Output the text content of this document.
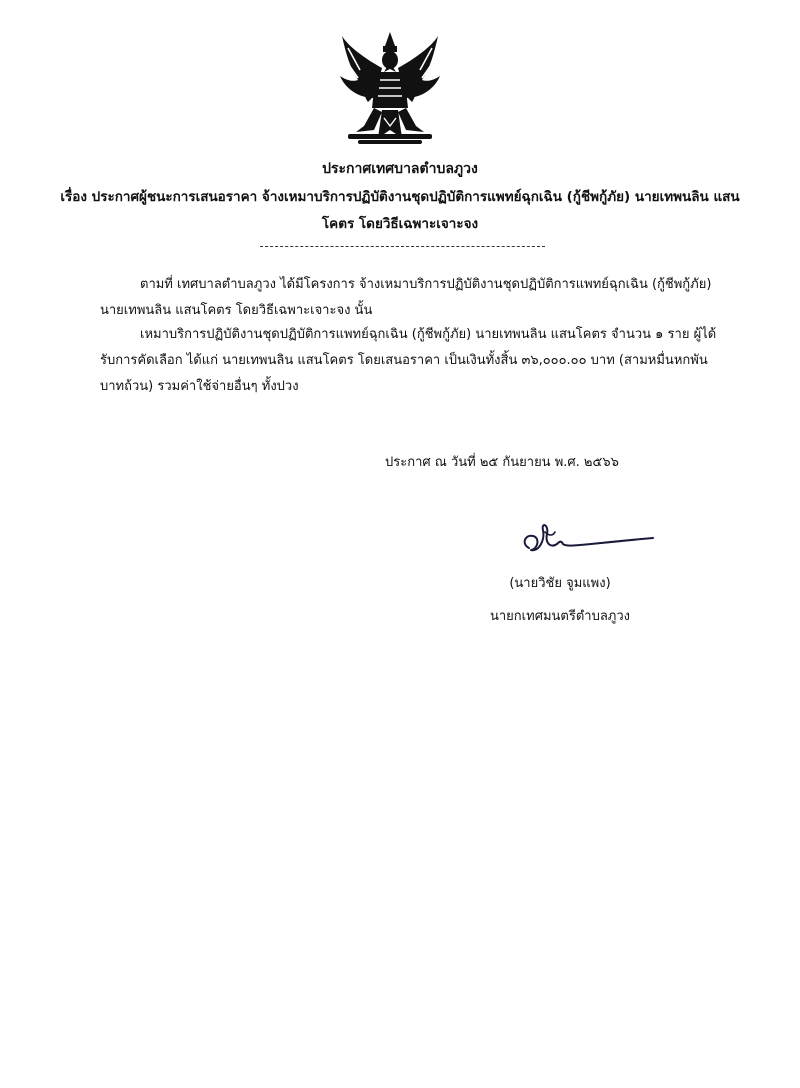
ประกาศเทศบาลตำบลภูวง
เรื่อง ประกาศผู้ชนะการเสนอราคา จ้างเหมาบริการปฏิบัติงานชุดปฏิบัติการแพทย์ฉุกเฉิน (กู้ชีพกู้ภัย) นายเทพนลิน แสนโคตร โดยวิธีเฉพาะเจาะจง
ตามที่ เทศบาลตำบลภูวง ได้มีโครงการ จ้างเหมาบริการปฏิบัติงานชุดปฏิบัติการแพทย์ฉุกเฉิน (กู้ชีพกู้ภัย) นายเทพนลิน แสนโคตร โดยวิธีเฉพาะเจาะจง นั้น
เหมาบริการปฏิบัติงานชุดปฏิบัติการแพทย์ฉุกเฉิน (กู้ชีพกู้ภัย) นายเทพนลิน แสนโคตร จำนวน ๑ ราย ผู้ได้รับการคัดเลือก ได้แก่ นายเทพนลิน แสนโคตร โดยเสนอราคา เป็นเงินทั้งสิ้น ๓๖,๐๐๐.๐๐ บาท (สามหมื่นหกพันบาทถ้วน) รวมค่าใช้จ่ายอื่นๆ ทั้งปวง
ประกาศ ณ วันที่ ๒๕ กันยายน พ.ศ. ๒๕๖๖
(นายวิชัย จูมแพง)
นายกเทศมนตรีตำบลภูวง
